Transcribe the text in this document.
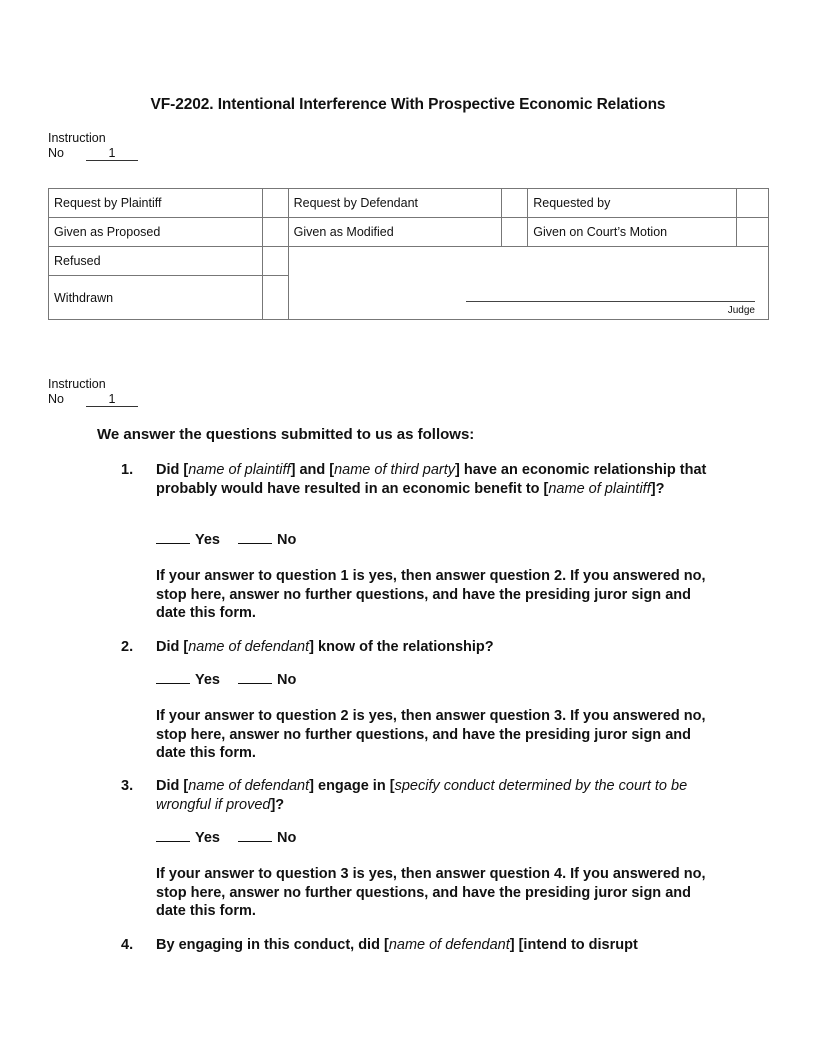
VF-2202. Intentional Interference With Prospective Economic Relations
Instruction
No	1
Request by Plaintiff		Request by Defendant		Requested by	
Given as Proposed		Given as Modified		Given on Court’s Motion	
Refused		Judge			

Withdrawn					
Instruction
No	1
We answer the questions submitted to us as follows:
1. Did [name of plaintiff] and [name of third party] have an economic relationship that probably would have resulted in an economic benefit to [name of plaintiff]?
Yes	No
If your answer to question 1 is yes, then answer question 2. If you answered no, stop here, answer no further questions, and have the presiding juror sign and date this form.
2. Did [name of defendant] know of the relationship?
Yes	No
If your answer to question 2 is yes, then answer question 3. If you answered no, stop here, answer no further questions, and have the presiding juror sign and date this form.
3. Did [name of defendant] engage in [specify conduct determined by the court to be wrongful if proved]?
Yes	No
If your answer to question 3 is yes, then answer question 4. If you answered no, stop here, answer no further questions, and have the presiding juror sign and date this form.
4. By engaging in this conduct, did [name of defendant] [intend to disrupt
